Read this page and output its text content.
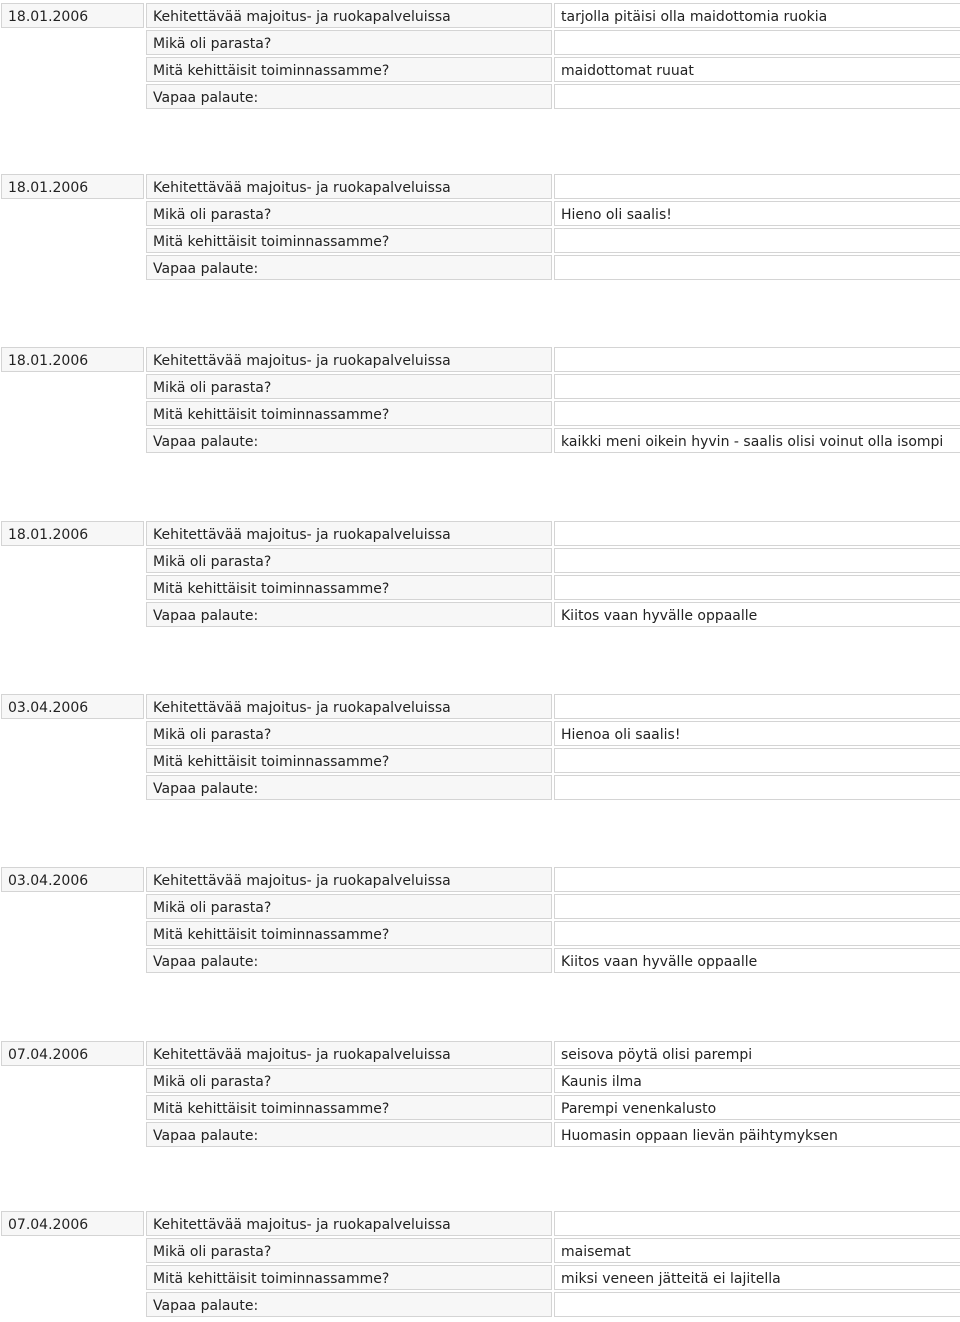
18.01.2006	Kehitettävää majoitus- ja ruokapalveluissa	tarjolla pitäisi olla maidottomia ruokia
Mikä oli parasta?
Mitä kehittäisit toiminnassamme?	maidottomat ruuat
Vapaa palaute:
18.01.2006	Kehitettävää majoitus- ja ruokapalveluissa
Mikä oli parasta?	Hieno oli saalis!
Mitä kehittäisit toiminnassamme?
Vapaa palaute:
18.01.2006	Kehitettävää majoitus- ja ruokapalveluissa
Mikä oli parasta?
Mitä kehittäisit toiminnassamme?
Vapaa palaute:	kaikki meni oikein hyvin - saalis olisi voinut olla isompi
18.01.2006	Kehitettävää majoitus- ja ruokapalveluissa
Mikä oli parasta?
Mitä kehittäisit toiminnassamme?
Vapaa palaute:	Kiitos vaan hyvälle oppaalle
03.04.2006	Kehitettävää majoitus- ja ruokapalveluissa
Mikä oli parasta?	Hienoa oli saalis!
Mitä kehittäisit toiminnassamme?
Vapaa palaute:
03.04.2006	Kehitettävää majoitus- ja ruokapalveluissa
Mikä oli parasta?
Mitä kehittäisit toiminnassamme?
Vapaa palaute:	Kiitos vaan hyvälle oppaalle
07.04.2006	Kehitettävää majoitus- ja ruokapalveluissa	seisova pöytä olisi parempi
Mikä oli parasta?	Kaunis ilma
Mitä kehittäisit toiminnassamme?	Parempi venenkalusto
Vapaa palaute:	Huomasin oppaan lievän päihtymyksen
07.04.2006	Kehitettävää majoitus- ja ruokapalveluissa
Mikä oli parasta?	maisemat
Mitä kehittäisit toiminnassamme?	miksi veneen jätteitä ei lajitella
Vapaa palaute:
